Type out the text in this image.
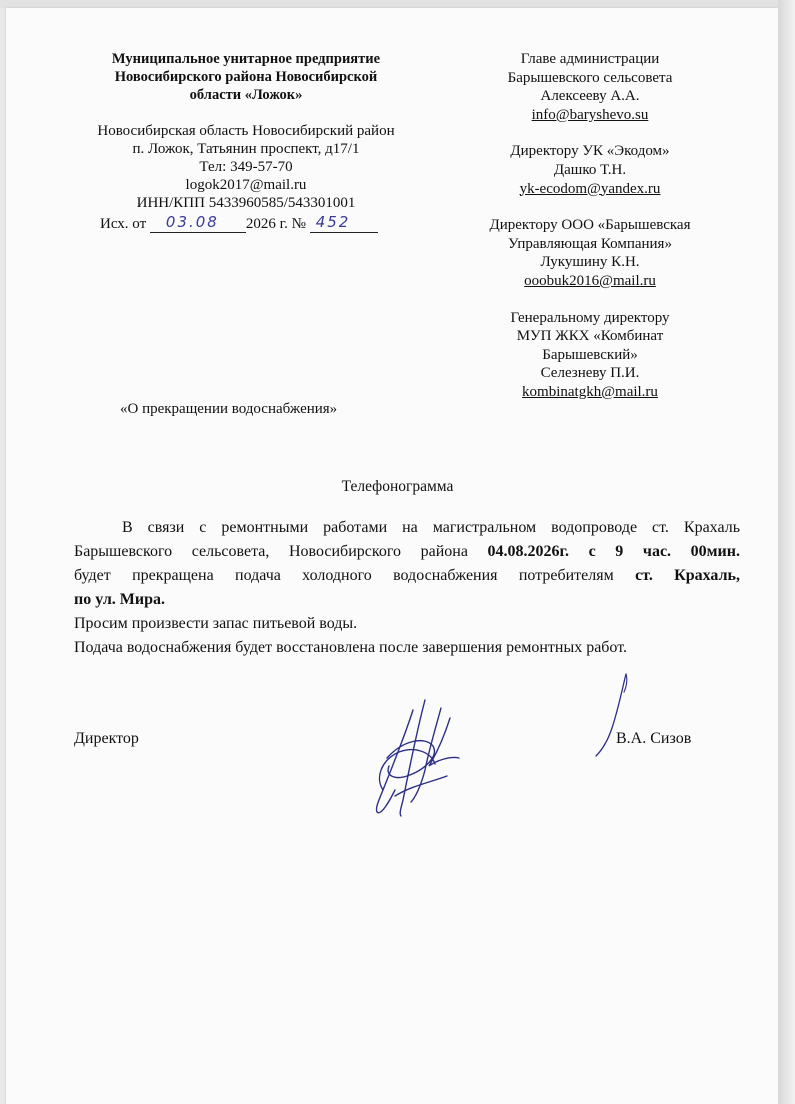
Муниципальное унитарное предприятие
Новосибирского района Новосибирской
области «Ложок»
Новосибирская область Новосибирский район
п. Ложок, Татьянин проспект, д17/1
Тел: 349-57-70
logok2017@mail.ru
ИНН/КПП 5433960585/543301001
Исх. от 03.08 2026 г. № 452
Главе администрации
Барышевского сельсовета
Алексееву А.А.
info@baryshevo.su
Директору УК «Экодом»
Дашко Т.Н.
yk-ecodom@yandex.ru
Директору ООО «Барышевская
Управляющая Компания»
Лукушину К.Н.
ooobuk2016@mail.ru
Генеральному директору
МУП ЖКХ «Комбинат
Барышевский»
Селезневу П.И.
kombinatgkh@mail.ru
«О прекращении водоснабжения»
Телефонограмма

В связи с ремонтными работами на магистральном водопроводе ст. Крахаль

Барышевского сельсовета, Новосибирского района 04.08.2026г. с 9 час. 00мин.

будет прекращена подача холодного водоснабжения потребителям ст. Крахаль,

по ул. Мира.

Просим произвести запас питьевой воды.

Подача водоснабжения будет восстановлена после завершения ремонтных работ.

Директор	В.А. Сизов
